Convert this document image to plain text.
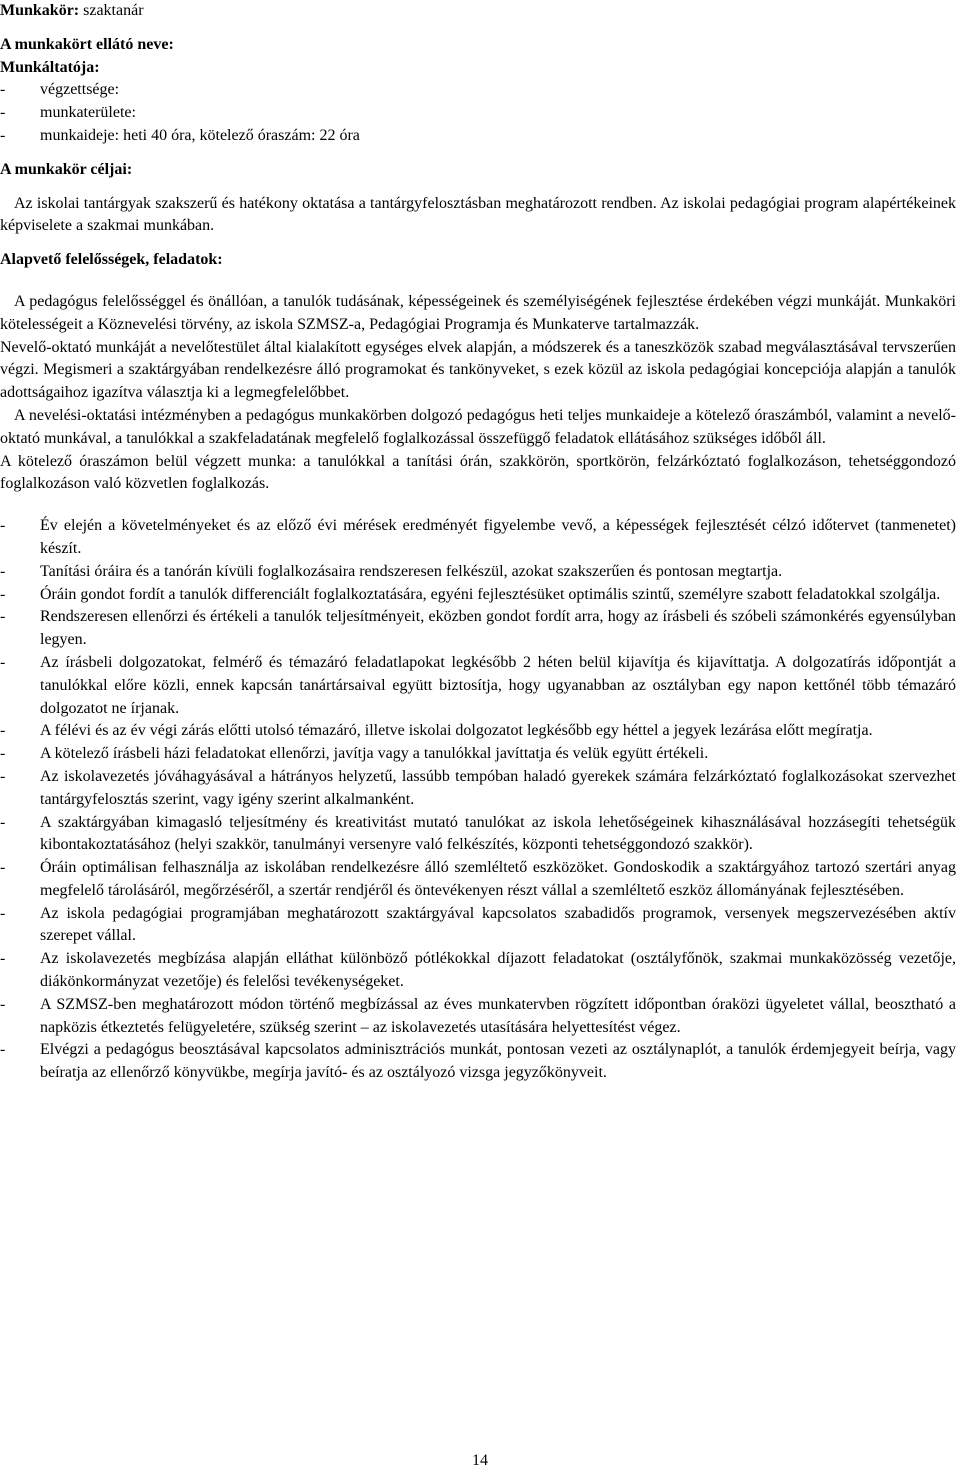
Munkakör: szaktanár

A munkakört ellátó neve:

Munkáltatója:

-	végzettsége:
-	munkaterülete:
-	munkaideje: heti 40 óra, kötelező óraszám: 22 óra

A munkakör céljai:

Az iskolai tantárgyak szakszerű és hatékony oktatása a tantárgyfelosztásban meghatározott rendben. Az iskolai pedagógiai program alapértékeinek képviselete a szakmai munkában.

Alapvető felelősségek, feladatok:

A pedagógus felelősséggel és önállóan, a tanulók tudásának, képességeinek és személyiségének fejlesztése érdekében végzi munkáját. Munkaköri kötelességeit a Köznevelési törvény, az iskola SZMSZ-a, Pedagógiai Programja és Munkaterve tartalmazzák.

Nevelő-oktató munkáját a nevelőtestület által kialakított egységes elvek alapján, a módszerek és a taneszközök szabad megválasztásával tervszerűen végzi. Megismeri a szaktárgyában rendelkezésre álló programokat és tankönyveket, s ezek közül az iskola pedagógiai koncepciója alapján a tanulók adottságaihoz igazítva választja ki a legmegfelelőbbet.

A nevelési-oktatási intézményben a pedagógus munkakörben dolgozó pedagógus heti teljes munkaideje a kötelező óraszámból, valamint a nevelő-oktató munkával, a tanulókkal a szakfeladatának megfelelő foglalkozással összefüggő feladatok ellátásához szükséges időből áll.

A kötelező óraszámon belül végzett munka: a tanulókkal a tanítási órán, szakkörön, sportkörön, felzárkóztató foglalkozáson, tehetséggondozó foglalkozáson való közvetlen foglalkozás.

-	Év elején a követelményeket és az előző évi mérések eredményét figyelembe vevő, a képességek fejlesztését célzó időtervet (tanmenetet) készít.
-	Tanítási óráira és a tanórán kívüli foglalkozásaira rendszeresen felkészül, azokat szakszerűen és pontosan megtartja.
-	Óráin gondot fordít a tanulók differenciált foglalkoztatására, egyéni fejlesztésüket optimális szintű, személyre szabott feladatokkal szolgálja.
-	Rendszeresen ellenőrzi és értékeli a tanulók teljesítményeit, eközben gondot fordít arra, hogy az írásbeli és szóbeli számonkérés egyensúlyban legyen.
-	Az írásbeli dolgozatokat, felmérő és témazáró feladatlapokat legkésőbb 2 héten belül kijavítja és kijavíttatja. A dolgozatírás időpontját a tanulókkal előre közli, ennek kapcsán tanártársaival együtt biztosítja, hogy ugyanabban az osztályban egy napon kettőnél több témazáró dolgozatot ne írjanak.
-	A félévi és az év végi zárás előtti utolsó témazáró, illetve iskolai dolgozatot legkésőbb egy héttel a jegyek lezárása előtt megíratja.
-	A kötelező írásbeli házi feladatokat ellenőrzi, javítja vagy a tanulókkal javíttatja és velük együtt értékeli.
-	Az iskolavezetés jóváhagyásával a hátrányos helyzetű, lassúbb tempóban haladó gyerekek számára felzárkóztató foglalkozásokat szervezhet tantárgyfelosztás szerint, vagy igény szerint alkalmanként.
-	A szaktárgyában kimagasló teljesítmény és kreativitást mutató tanulókat az iskola lehetőségeinek kihasználásával hozzásegíti tehetségük kibontakoztatásához (helyi szakkör, tanulmányi versenyre való felkészítés, központi tehetséggondozó szakkör).
-	Óráin optimálisan felhasználja az iskolában rendelkezésre álló szemléltető eszközöket. Gondoskodik a szaktárgyához tartozó szertári anyag megfelelő tárolásáról, megőrzéséről, a szertár rendjéről és öntevékenyen részt vállal a szemléltető eszköz állományának fejlesztésében.
-	Az iskola pedagógiai programjában meghatározott szaktárgyával kapcsolatos szabadidős programok, versenyek megszervezésében aktív szerepet vállal.
-	Az iskolavezetés megbízása alapján elláthat különböző pótlékokkal díjazott feladatokat (osztályfőnök, szakmai munkaközösség vezetője, diákönkormányzat vezetője) és felelősi tevékenységeket.
-	A SZMSZ-ben meghatározott módon történő megbízással az éves munkatervben rögzített időpontban óraközi ügyeletet vállal, beosztható a napközis étkeztetés felügyeletére, szükség szerint – az iskolavezetés utasítására helyettesítést végez.
-	Elvégzi a pedagógus beosztásával kapcsolatos adminisztrációs munkát, pontosan vezeti az osztálynaplót, a tanulók érdemjegyeit beírja, vagy beíratja az ellenőrző könyvükbe, megírja javító- és az osztályozó vizsga jegyzőkönyveit.
14
